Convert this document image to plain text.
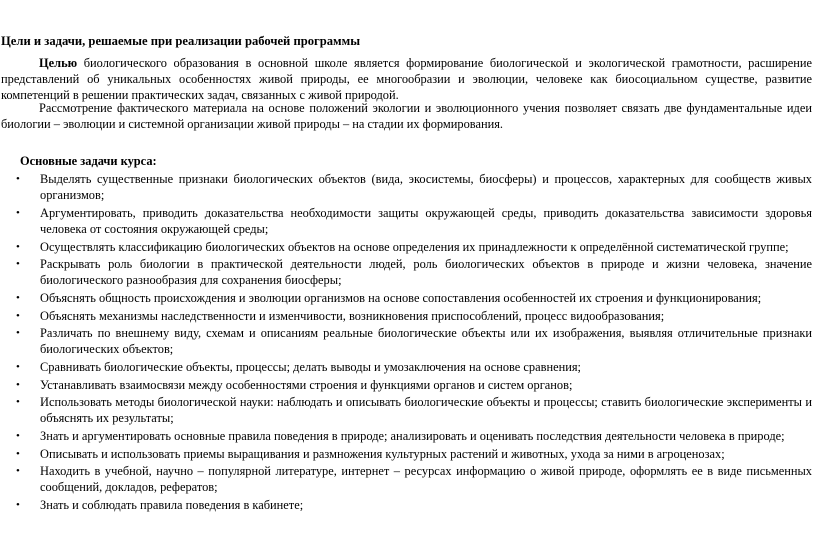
Цели и задачи, решаемые при реализации рабочей программы

Целью биологического образования в основной школе является формирование биологической и экологической грамотности, расширение представлений об уникальных особенностях живой природы, ее многообразии и эволюции, человеке как биосоциальном существе, развитие компетенций в решении практических задач, связанных с живой природой.

Рассмотрение фактического материала на основе положений экологии и эволюционного учения позволяет связать две фундаментальные идеи биологии – эволюции и системной организации живой природы – на стадии их формирования.

Основные задачи курса:
• Выделять существенные признаки биологических объектов (вида, экосистемы, биосферы) и процессов, характерных для сообществ живых организмов;
• Аргументировать, приводить доказательства необходимости защиты окружающей среды, приводить доказательства зависимости здоровья человека от состояния окружающей среды;
• Осуществлять классификацию биологических объектов на основе определения их принадлежности к определённой систематической группе;
• Раскрывать роль биологии в практической деятельности людей, роль биологических объектов в природе и жизни человека, значение биологического разнообразия для сохранения биосферы;
• Объяснять общность происхождения и эволюции организмов на основе сопоставления особенностей их строения и функционирования;
• Объяснять механизмы наследственности и изменчивости, возникновения приспособлений, процесс видообразования;
• Различать по внешнему виду, схемам и описаниям реальные биологические объекты или их изображения, выявляя отличительные признаки биологических объектов;
• Сравнивать биологические объекты, процессы; делать выводы и умозаключения на основе сравнения;
• Устанавливать взаимосвязи между особенностями строения и функциями органов и систем органов;
• Использовать методы биологической науки: наблюдать и описывать биологические объекты и процессы; ставить биологические эксперименты и объяснять их результаты;
• Знать и аргументировать основные правила поведения в природе; анализировать и оценивать последствия деятельности человека в природе;
• Описывать и использовать приемы выращивания и размножения культурных растений и животных, ухода за ними в агроценозах;
• Находить в учебной, научно – популярной литературе, интернет – ресурсах информацию о живой природе, оформлять ее в виде письменных сообщений, докладов, рефератов;
• Знать и соблюдать правила поведения в кабинете;
